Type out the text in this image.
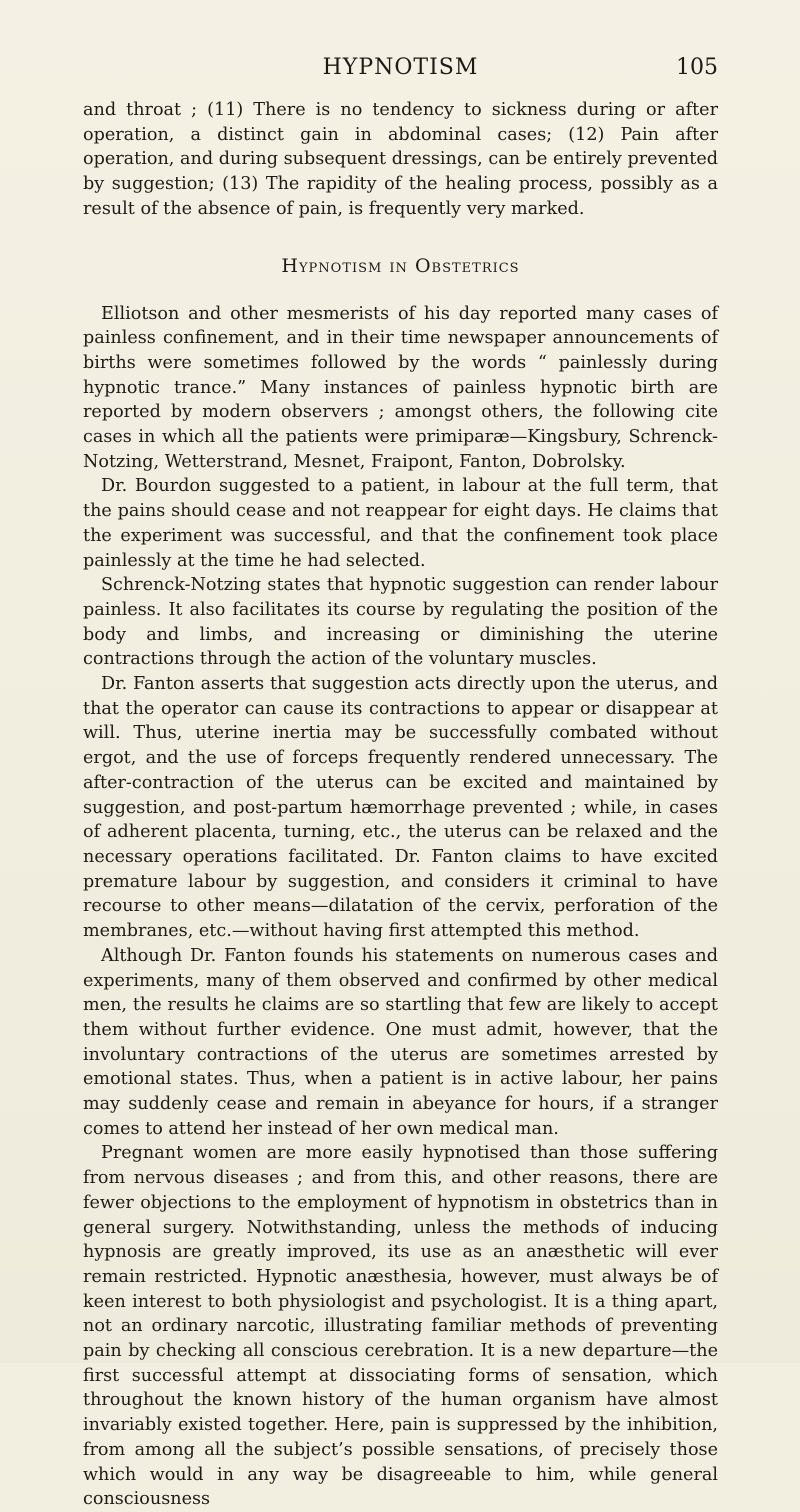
HYPNOTISM	105

and throat ; (11) There is no tendency to sickness during or after operation, a distinct gain in abdominal cases; (12) Pain after operation, and during subsequent dressings, can be entirely prevented by suggestion; (13) The rapidity of the healing process, possibly as a result of the absence of pain, is frequently very marked.

Hypnotism in Obstetrics

Elliotson and other mesmerists of his day reported many cases of painless confinement, and in their time newspaper announcements of births were sometimes followed by the words “ painlessly during hypnotic trance.” Many instances of painless hypnotic birth are reported by modern observers ; amongst others, the following cite cases in which all the patients were primiparæ—Kingsbury, Schrenck-Notzing, Wetterstrand, Mesnet, Fraipont, Fanton, Dobrolsky.

Dr. Bourdon suggested to a patient, in labour at the full term, that the pains should cease and not reappear for eight days. He claims that the experiment was successful, and that the confinement took place painlessly at the time he had selected.

Schrenck-Notzing states that hypnotic suggestion can render labour painless. It also facilitates its course by regulating the position of the body and limbs, and increasing or diminishing the uterine contractions through the action of the voluntary muscles.

Dr. Fanton asserts that suggestion acts directly upon the uterus, and that the operator can cause its contractions to appear or disappear at will. Thus, uterine inertia may be successfully combated without ergot, and the use of forceps frequently rendered unnecessary. The after-contraction of the uterus can be excited and maintained by suggestion, and post-partum hæmorrhage prevented ; while, in cases of adherent placenta, turning, etc., the uterus can be relaxed and the necessary operations facilitated. Dr. Fanton claims to have excited premature labour by suggestion, and considers it criminal to have recourse to other means—dilatation of the cervix, perforation of the membranes, etc.—without having first attempted this method.

Although Dr. Fanton founds his statements on numerous cases and experiments, many of them observed and confirmed by other medical men, the results he claims are so startling that few are likely to accept them without further evidence. One must admit, however, that the involuntary contractions of the uterus are sometimes arrested by emotional states. Thus, when a patient is in active labour, her pains may suddenly cease and remain in abeyance for hours, if a stranger comes to attend her instead of her own medical man.

Pregnant women are more easily hypnotised than those suffering from nervous diseases ; and from this, and other reasons, there are fewer objections to the employment of hypnotism in obstetrics than in general surgery. Notwithstanding, unless the methods of inducing hypnosis are greatly improved, its use as an anæsthetic will ever remain restricted. Hypnotic anæsthesia, however, must always be of keen interest to both physiologist and psychologist. It is a thing apart, not an ordinary narcotic, illustrating familiar methods of preventing pain by checking all conscious cerebration. It is a new departure—the first successful attempt at dissociating forms of sensation, which throughout the known history of the human organism have almost invariably existed together. Here, pain is suppressed by the inhibition, from among all the subject’s possible sensations, of precisely those which would in any way be disagreeable to him, while general consciousness
